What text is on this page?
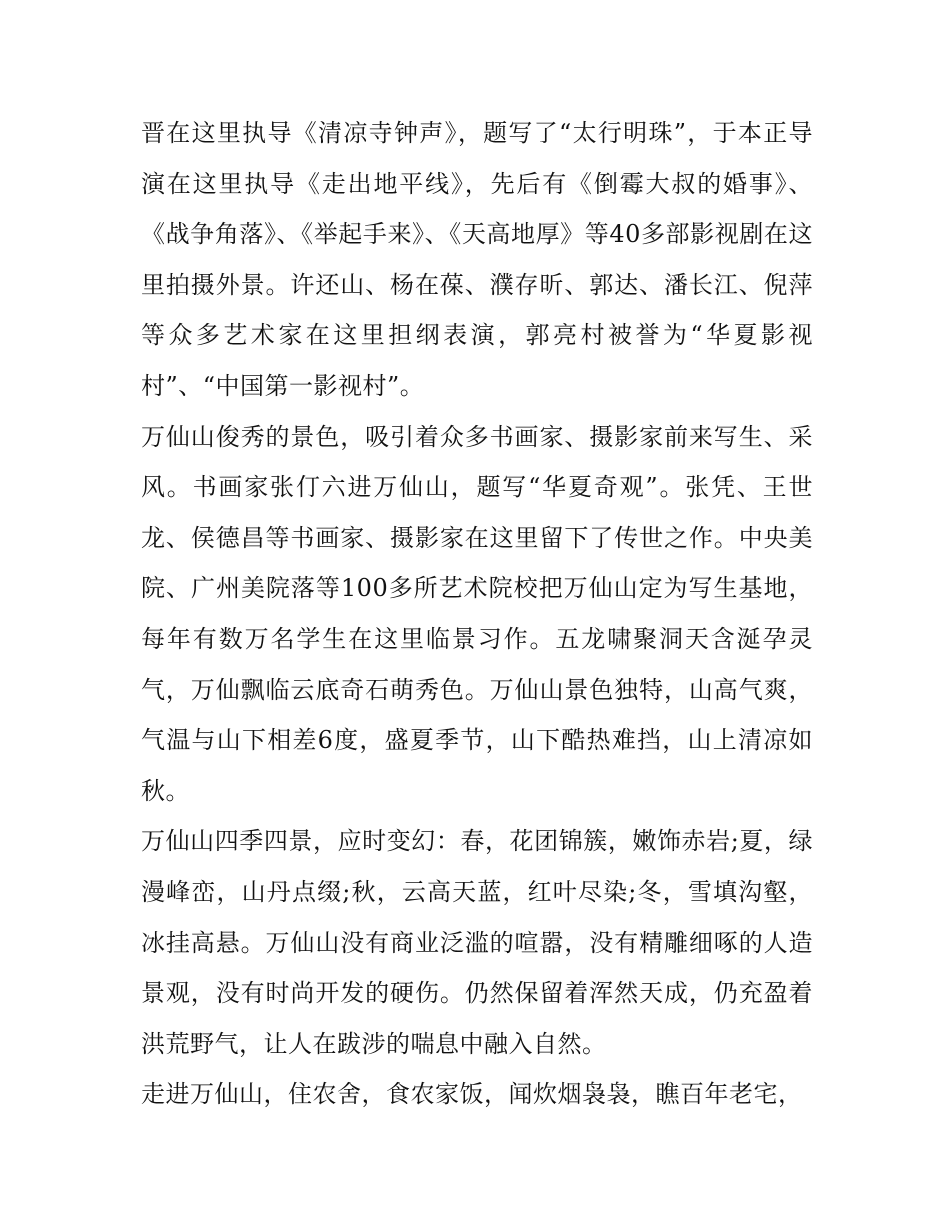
晋在这里执导《清凉寺钟声》，题写了“太行明珠”，于本正导演在这里执导《走出地平线》，先后有《倒霉大叔的婚事》、《战争角落》、《举起手来》、《天高地厚》等40多部影视剧在这里拍摄外景。许还山、杨在葆、濮存昕、郭达、潘长江、倪萍等众多艺术家在这里担纲表演，郭亮村被誉为“华夏影视村”、“中国第一影视村”。

万仙山俊秀的景色，吸引着众多书画家、摄影家前来写生、采风。书画家张仃六进万仙山，题写“华夏奇观”。张凭、王世龙、侯德昌等书画家、摄影家在这里留下了传世之作。中央美院、广州美院落等100多所艺术院校把万仙山定为写生基地，每年有数万名学生在这里临景习作。五龙啸聚洞天含涎孕灵气，万仙飘临云底奇石萌秀色。万仙山景色独特，山高气爽，气温与山下相差6度，盛夏季节，山下酷热难挡，山上清凉如秋。

万仙山四季四景，应时变幻：春，花团锦簇，嫩饰赤岩;夏，绿漫峰峦，山丹点缀;秋，云高天蓝，红叶尽染;冬，雪填沟壑，冰挂高悬。万仙山没有商业泛滥的喧嚣，没有精雕细啄的人造景观，没有时尚开发的硬伤。仍然保留着浑然天成，仍充盈着洪荒野气，让人在跋涉的喘息中融入自然。

走进万仙山，住农舍，食农家饭，闻炊烟袅袅，瞧百年老宅，
